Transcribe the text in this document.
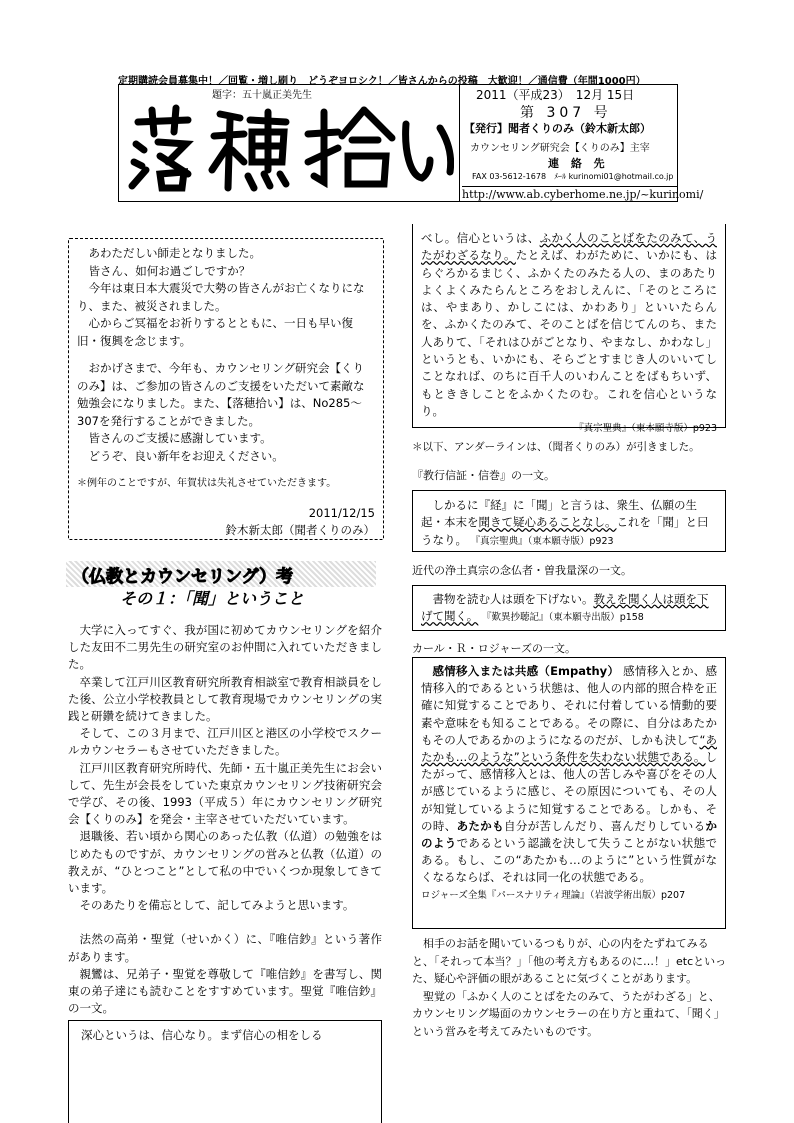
定期購読会員募集中！／回覧・増し刷り　どうぞヨロシク！／皆さんからの投稿　大歓迎！／通信費（年間1000円）
題字：五十嵐正美先生	2011（平成23）　12月 15日
第 307 号
【発行】聞者くりのみ（鈴木新太郎）
カウンセリング研究会【くりのみ】主宰
連 絡 先
FAX 03-5612-1678　ﾒｰﾙ kurinomi01@hotmail.co.jp
http://www.ab.cyberhome.ne.jp/~kurinomi/

あわただしい師走となりました。

皆さん、如何お過ごしですか？

今年は東日本大震災で大勢の皆さんがお亡くなりになり、また、被災されました。

心からご冥福をお祈りするとともに、一日も早い復旧・復興を念じます。

おかげさまで、今年も、カウンセリング研究会【くりのみ】は、ご参加の皆さんのご支援をいただいて素敵な勉強会になりました。また、【落穂拾い】は、No285～307を発行することができました。

皆さんのご支援に感謝しています。

どうぞ、良い新年をお迎えください。

＊例年のことですが、年賀状は失礼させていただきます。

2011/12/15

鈴木新太郎（聞者くりのみ）

（仏教とカウンセリング）考
その１：「聞」ということ

大学に入ってすぐ、我が国に初めてカウンセリングを紹介した友田不二男先生の研究室のお仲間に入れていただきました。

卒業して江戸川区教育研究所教育相談室で教育相談員をした後、公立小学校教員として教育現場でカウンセリングの実践と研鑽を続けてきました。

そして、この３月まで、江戸川区と港区の小学校でスクールカウンセラーもさせていただきました。

江戸川区教育研究所時代、先師・五十嵐正美先生にお会いして、先生が会長をしていた東京カウンセリング技術研究会で学び、その後、1993（平成５）年にカウンセリング研究会【くりのみ】を発会・主宰させていただいています。

退職後、若い頃から関心のあった仏教（仏道）の勉強をはじめたものですが、カウンセリングの営みと仏教（仏道）の教えが、“ひとつこと”として私の中でいくつか現象してきています。

そのあたりを備忘として、記してみようと思います。

法然の高弟・聖覚（せいかく）に、『唯信鈔』という著作があります。

親鸞は、兄弟子・聖覚を尊敬して『唯信鈔』を書写し、関東の弟子達にも読むことをすすめています。聖覚『唯信鈔』の一文。

深心というは、信心なり。まず信心の相をしる
べし。信心というは、ふかく人のことばをたのみて、うたがわざるなり。たとえば、わがために、いかにも、はらぐろかるまじく、ふかくたのみたる人の、まのあたりよくよくみたらんところをおしえんに、「そのところには、やまあり、かしこには、かわあり」といいたらんを、ふかくたのみて、そのことばを信じてんのち、また人ありて、「それはひがごとなり、やまなし、かわなし」というとも、いかにも、そらごとすまじき人のいいてしことなれば、のちに百千人のいわんことをばもちいず、もとききしことをふかくたのむ。これを信心というなり。
『真宗聖典』（東本願寺版）p923
＊以下、アンダーラインは、（聞者くりのみ）が引きました。
『教行信証・信巻』の一文。
しかるに『経』に「聞」と言うは、衆生、仏願の生起・本末を聞きて疑心あることなし。これを「聞」と曰うなり。 『真宗聖典』（東本願寺版）p923
近代の浄土真宗の念仏者・曽我量深の一文。
書物を読む人は頭を下げない。教えを聞く人は頭を下げて聞く。 『歎異抄聴記』（東本願寺出版）p158
カール・Ｒ・ロジャーズの一文。
感情移入または共感（Empathy） 感情移入とか、感情移入的であるという状態は、他人の内部的照合枠を正確に知覚することであり、それに付着している情動的要素や意味をも知ることである。その際に、自分はあたかもその人であるかのようになるのだが、しかも決して“あたかも…のような”という条件を失わない状態である。したがって、感情移入とは、他人の苦しみや喜びをその人が感じているように感じ、その原因についても、その人が知覚しているように知覚することである。しかも、その時、あたかも自分が苦しんだり、喜んだりしているかのようであるという認識を決して失うことがない状態である。もし、この“あたかも…のように”という性質がなくなるならば、それは同一化の状態である。
ロジャーズ全集『パースナリティ理論』（岩波学術出版）p207

相手のお話を聞いているつもりが、心の内をたずねてみると、「それって本当？」「他の考え方もあるのに…！」etcといった、疑心や評価の眼があることに気づくことがあります。

聖覚の「ふかく人のことばをたのみて、うたがわざる」と、カウンセリング場面のカウンセラーの在り方と重ねて、「聞く」という営みを考えてみたいものです。
